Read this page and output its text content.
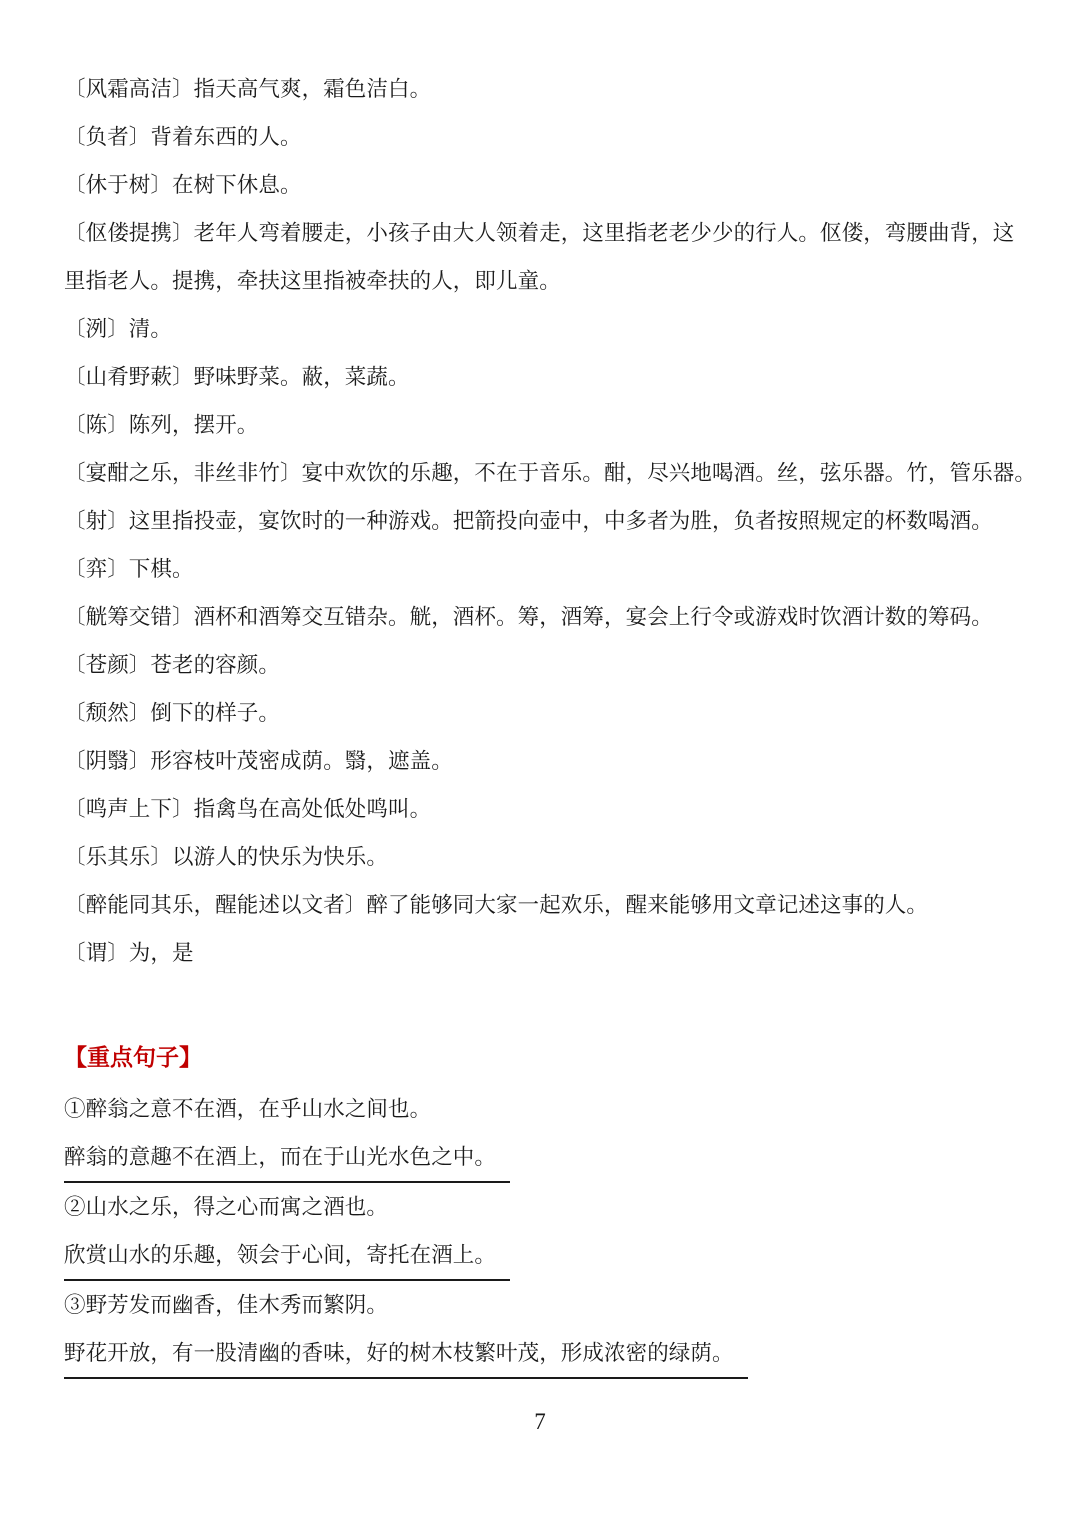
〔风霜高洁〕指天高气爽，霜色洁白。
〔负者〕背着东西的人。
〔休于树〕在树下休息。
〔伛偻提携〕老年人弯着腰走，小孩子由大人领着走，这里指老老少少的行人。伛偻，弯腰曲背，这
里指老人。提携，牵扶这里指被牵扶的人，即儿童。
〔洌〕清。
〔山肴野蔌〕野味野菜。蔽，菜蔬。
〔陈〕陈列，摆开。
〔宴酣之乐，非丝非竹〕宴中欢饮的乐趣，不在于音乐。酣，尽兴地喝酒。丝，弦乐器。竹，管乐器。
〔射〕这里指投壶，宴饮时的一种游戏。把箭投向壶中，中多者为胜，负者按照规定的杯数喝酒。
〔弈〕下棋。
〔觥筹交错〕酒杯和酒筹交互错杂。觥，酒杯。筹，酒筹，宴会上行令或游戏时饮酒计数的筹码。
〔苍颜〕苍老的容颜。
〔颓然〕倒下的样子。
〔阴翳〕形容枝叶茂密成荫。翳，遮盖。
〔鸣声上下〕指禽鸟在高处低处鸣叫。
〔乐其乐〕以游人的快乐为快乐。
〔醉能同其乐，醒能述以文者〕醉了能够同大家一起欢乐，醒来能够用文章记述这事的人。
〔谓〕为，是
【重点句子】
①醉翁之意不在酒，在乎山水之间也。
醉翁的意趣不在酒上，而在于山光水色之中。
②山水之乐，得之心而寓之酒也。
欣赏山水的乐趣，领会于心间，寄托在酒上。
③野芳发而幽香，佳木秀而繁阴。
野花开放，有一股清幽的香味，好的树木枝繁叶茂，形成浓密的绿荫。
7
